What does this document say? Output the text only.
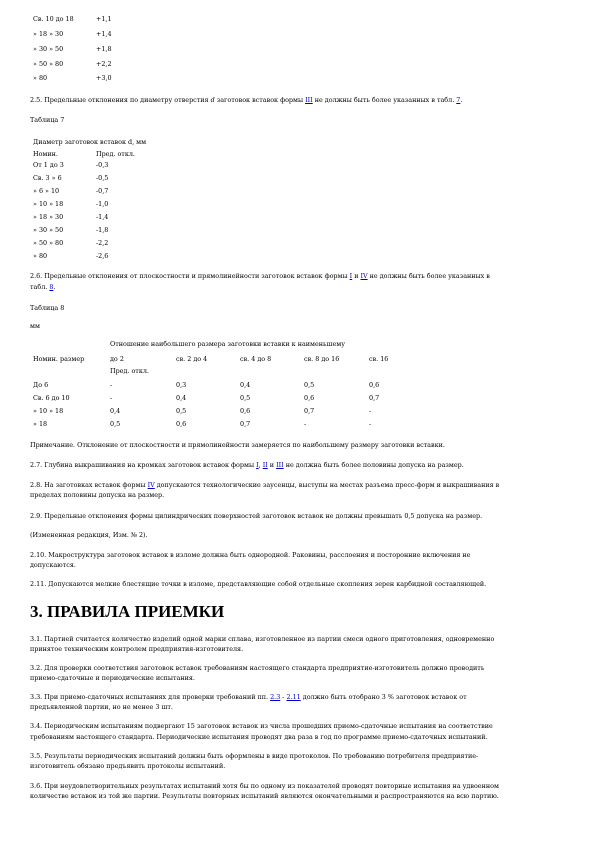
Св. 10 до 18	+1,1
» 18 » 30	+1,4
» 30 » 50	+1,8
» 50 » 80	+2,2
» 80	+3,0
2.5. Предельные отклонения по диаметру отверстия d заготовок вставок формы III не должны быть более указанных в табл. 7.
Таблица 7
Диаметр заготовок вставок d, мм
Номин.	Пред. откл.
От 1 до 3	-0,3
Св. 3 » 6	-0,5
» 6 » 10	-0,7
» 10 » 18	-1,0
» 18 » 30	-1,4
» 30 » 50	-1,8
» 50 » 80	-2,2
» 80	-2,6
2.6. Предельные отклонения от плоскостности и прямолинейности заготовок вставок формы I и IV не должны быть более указанных в
табл. 8.
Таблица 8
мм
Отношение наибольшего размера заготовки вставки к наименьшему
Номин. размер	до 2	св. 2 до 4	св. 4 до 8	св. 8 до 16	св. 16
Пред. откл.
До 6	-	0,3	0,4	0,5	0,6
Св. 6 до 10	-	0,4	0,5	0,6	0,7
» 10 » 18	0,4	0,5	0,6	0,7	-
» 18	0,5	0,6	0,7	-	-
Примечание. Отклонение от плоскостности и прямолинейности замеряется по наибольшему размеру заготовки вставки.
2.7. Глубина выкрашивания на кромках заготовок вставок формы I, II и III не должна быть более половины допуска на размер.
2.8. На заготовках вставок формы IV допускаются технологические заусенцы, выступы на местах разъема пресс-форм и выкрашивания в
пределах половины допуска на размер.
2.9. Предельные отклонения формы цилиндрических поверхностей заготовок вставок не должны превышать 0,5 допуска на размер.
(Измененная редакция, Изм. № 2).
2.10. Макроструктура заготовок вставок в изломе должна быть однородной. Раковины, расслоения и посторонние включения не
допускаются.
2.11. Допускаются мелкие блестящие точки в изломе, представляющие собой отдельные скопления зерен карбидной составляющей.
3. ПРАВИЛА ПРИЕМКИ
3.1. Партией считается количество изделий одной марки сплава, изготовленное из партии смеси одного приготовления, одновременно
принятое техническим контролем предприятия-изготовителя.
3.2. Для проверки соответствия заготовок вставок требованиям настоящего стандарта предприятие-изготовитель должно проводить
приемо-сдаточные и периодические испытания.
3.3. При приемо-сдаточных испытаниях для проверки требований пп. 2.3 - 2.11 должно быть отобрано 3 % заготовок вставок от
предъявленной партии, но не менее 3 шт.
3.4. Периодическим испытаниям подвергают 15 заготовок вставок из числа прошедших приемо-сдаточные испытания на соответствие
требованиям настоящего стандарта. Периодические испытания проводят два раза в год по программе приемо-сдаточных испытаний.
3.5. Результаты периодических испытаний должны быть оформлены в виде протоколов. По требованию потребителя предприятие-
изготовитель обязано предъявить протоколы испытаний.
3.6. При неудовлетворительных результатах испытаний хотя бы по одному из показателей проводят повторные испытания на удвоенном
количестве вставок из той же партии. Результаты повторных испытаний являются окончательными и распространяются на всю партию.
